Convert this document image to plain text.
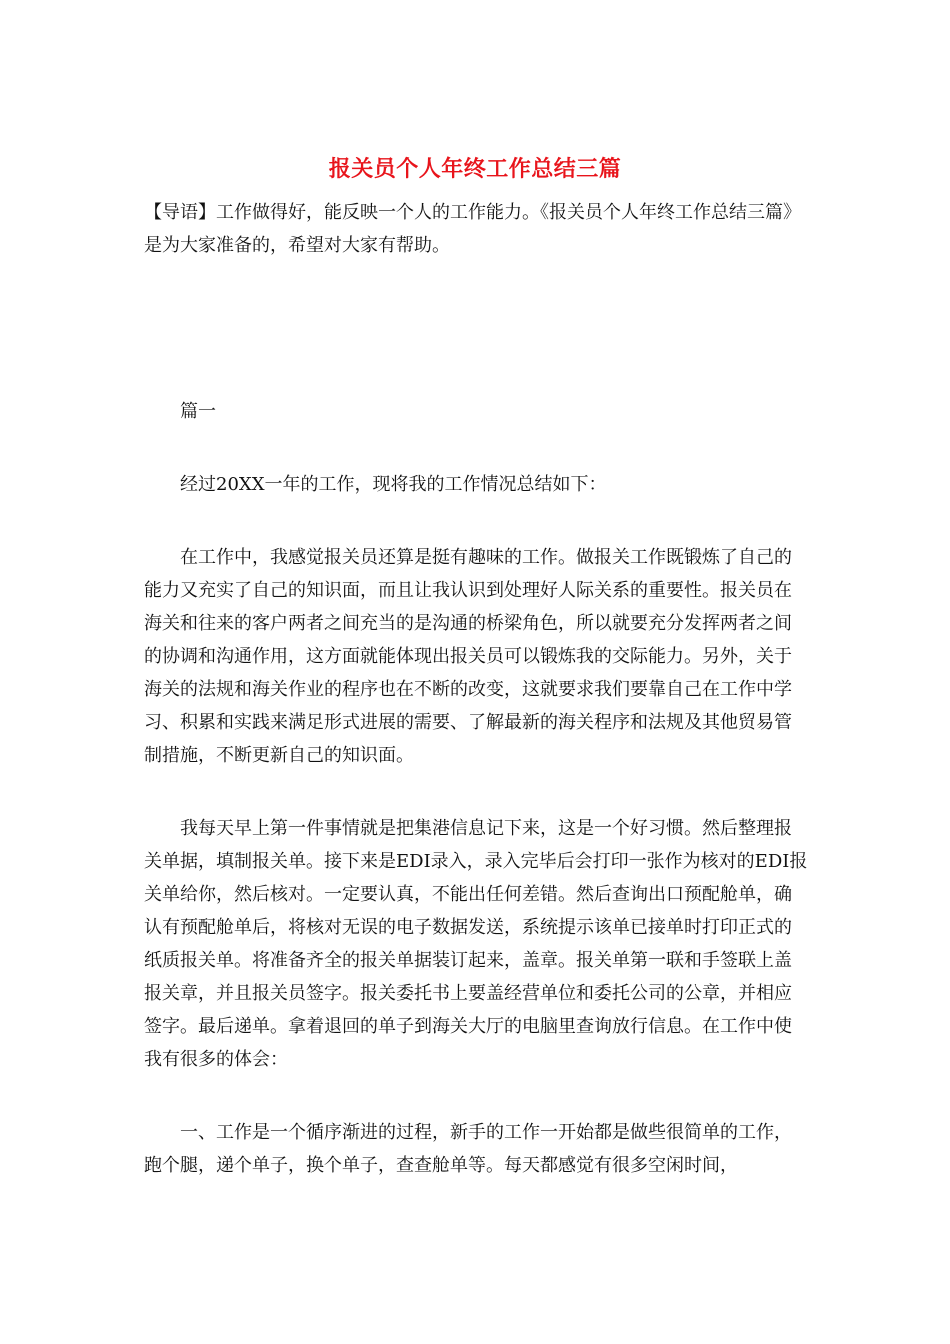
报关员个人年终工作总结三篇

【导语】工作做得好，能反映一个人的工作能力。《报关员个人年终工作总结三篇》是为大家准备的，希望对大家有帮助。

篇一

经过20XX一年的工作，现将我的工作情况总结如下：

在工作中，我感觉报关员还算是挺有趣味的工作。做报关工作既锻炼了自己的能力又充实了自己的知识面，而且让我认识到处理好人际关系的重要性。报关员在海关和往来的客户两者之间充当的是沟通的桥梁角色，所以就要充分发挥两者之间的协调和沟通作用，这方面就能体现出报关员可以锻炼我的交际能力。另外，关于海关的法规和海关作业的程序也在不断的改变，这就要求我们要靠自己在工作中学习、积累和实践来满足形式进展的需要、了解最新的海关程序和法规及其他贸易管制措施，不断更新自己的知识面。

我每天早上第一件事情就是把集港信息记下来，这是一个好习惯。然后整理报关单据，填制报关单。接下来是EDI录入，录入完毕后会打印一张作为核对的EDI报关单给你，然后核对。一定要认真，不能出任何差错。然后查询出口预配舱单，确认有预配舱单后，将核对无误的电子数据发送，系统提示该单已接单时打印正式的纸质报关单。将准备齐全的报关单据装订起来，盖章。报关单第一联和手签联上盖报关章，并且报关员签字。报关委托书上要盖经营单位和委托公司的公章，并相应签字。最后递单。拿着退回的单子到海关大厅的电脑里查询放行信息。在工作中使我有很多的体会：

一、工作是一个循序渐进的过程，新手的工作一开始都是做些很简单的工作，跑个腿，递个单子，换个单子，查查舱单等。每天都感觉有很多空闲时间，
